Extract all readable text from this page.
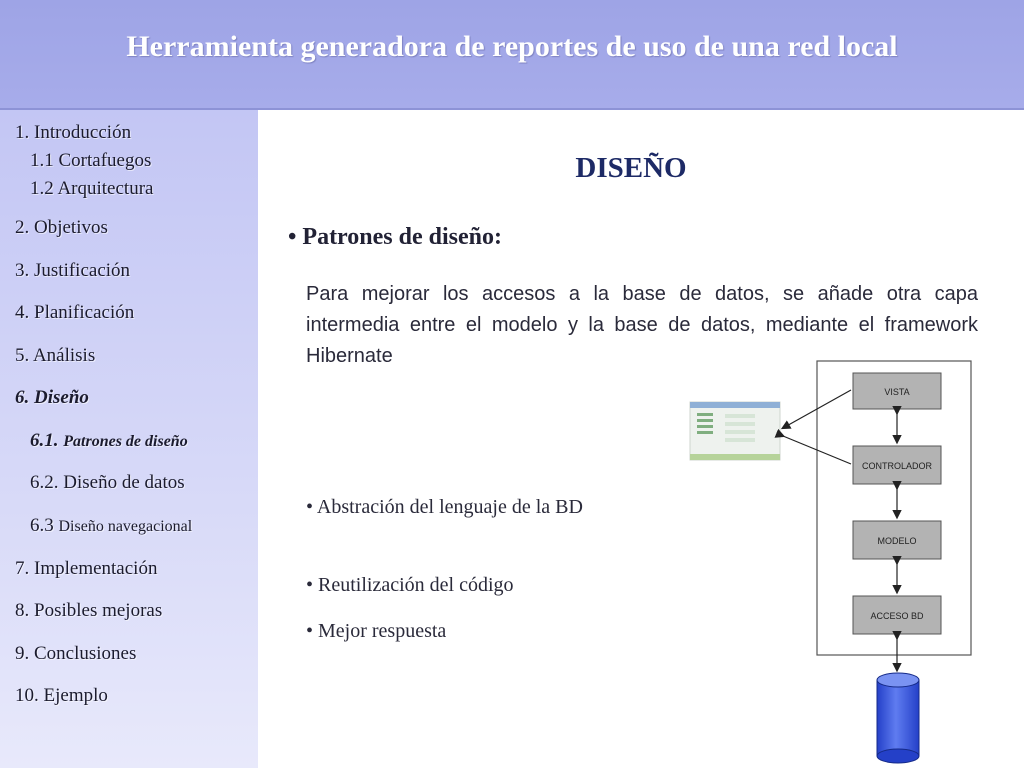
Herramienta generadora de reportes de uso de una red local
1. Introducción
1.1 Cortafuegos
1.2 Arquitectura
2. Objetivos
3. Justificación
4. Planificación
5. Análisis
6. Diseño
6.1. Patrones de diseño
6.2. Diseño de datos
6.3 Diseño navegacional
7. Implementación
8. Posibles mejoras
9. Conclusiones
10. Ejemplo
DISEÑO
• Patrones de diseño:
Para mejorar los accesos a la base de datos, se añade otra capa intermedia entre el modelo y la base de datos, mediante el framework Hibernate
• Abstración del lenguaje de la BD
• Reutilización del código
• Mejor respuesta
VISTA
CONTROLADOR
MODELO
ACCESO BD
